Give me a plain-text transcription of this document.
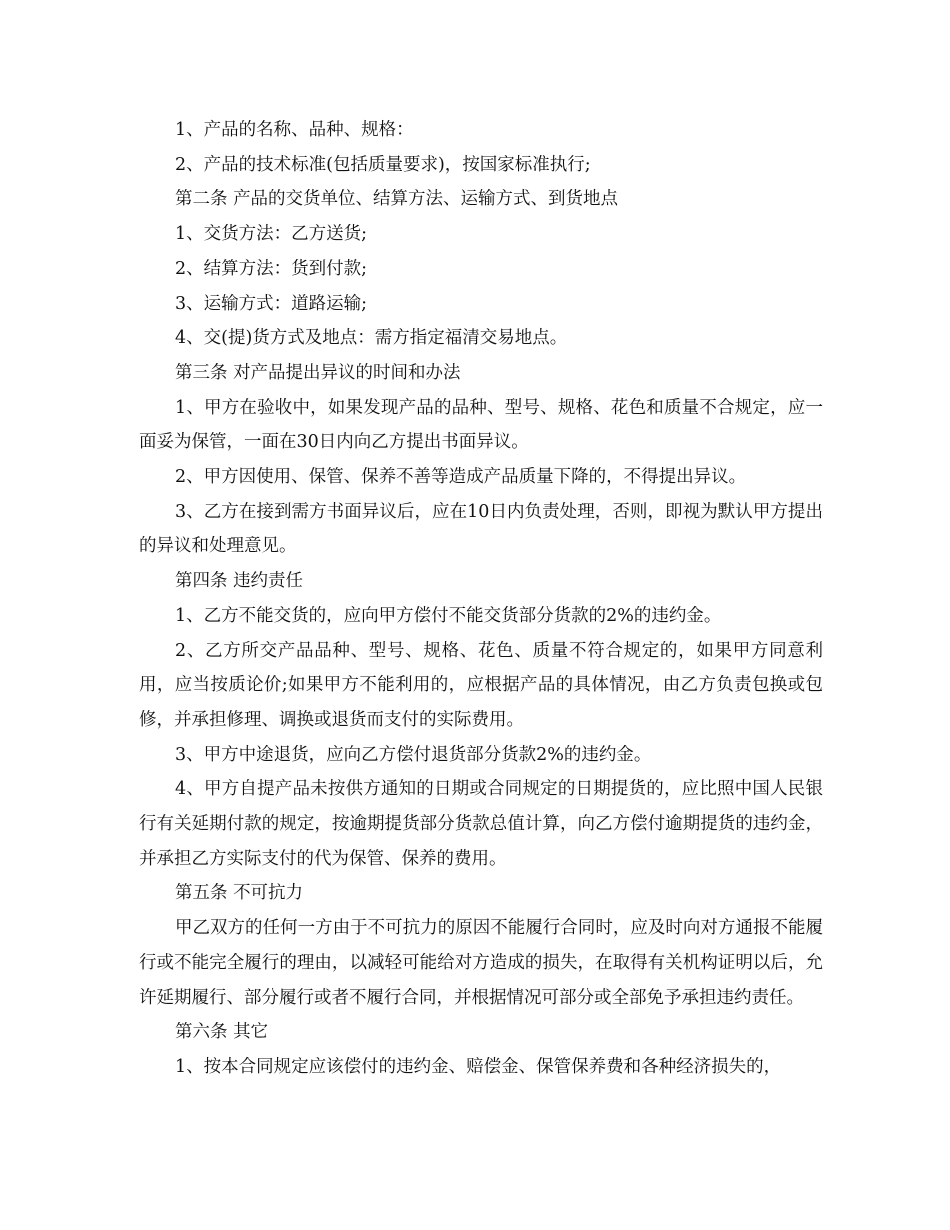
1、产品的名称、品种、规格：

2、产品的技术标准(包括质量要求)，按国家标准执行;

第二条 产品的交货单位、结算方法、运输方式、到货地点

1、交货方法：乙方送货;

2、结算方法：货到付款;

3、运输方式：道路运输;

4、交(提)货方式及地点：需方指定福清交易地点。

第三条 对产品提出异议的时间和办法

1、甲方在验收中，如果发现产品的品种、型号、规格、花色和质量不合规定，应一面妥为保管，一面在30日内向乙方提出书面异议。

2、甲方因使用、保管、保养不善等造成产品质量下降的，不得提出异议。

3、乙方在接到需方书面异议后，应在10日内负责处理，否则，即视为默认甲方提出的异议和处理意见。

第四条 违约责任

1、乙方不能交货的，应向甲方偿付不能交货部分货款的2%的违约金。

2、乙方所交产品品种、型号、规格、花色、质量不符合规定的，如果甲方同意利用，应当按质论价;如果甲方不能利用的，应根据产品的具体情况，由乙方负责包换或包修，并承担修理、调换或退货而支付的实际费用。

3、甲方中途退货，应向乙方偿付退货部分货款2%的违约金。

4、甲方自提产品未按供方通知的日期或合同规定的日期提货的，应比照中国人民银行有关延期付款的规定，按逾期提货部分货款总值计算，向乙方偿付逾期提货的违约金，并承担乙方实际支付的代为保管、保养的费用。

第五条 不可抗力

甲乙双方的任何一方由于不可抗力的原因不能履行合同时，应及时向对方通报不能履行或不能完全履行的理由，以减轻可能给对方造成的损失，在取得有关机构证明以后，允许延期履行、部分履行或者不履行合同，并根据情况可部分或全部免予承担违约责任。

第六条 其它

1、按本合同规定应该偿付的违约金、赔偿金、保管保养费和各种经济损失的，
